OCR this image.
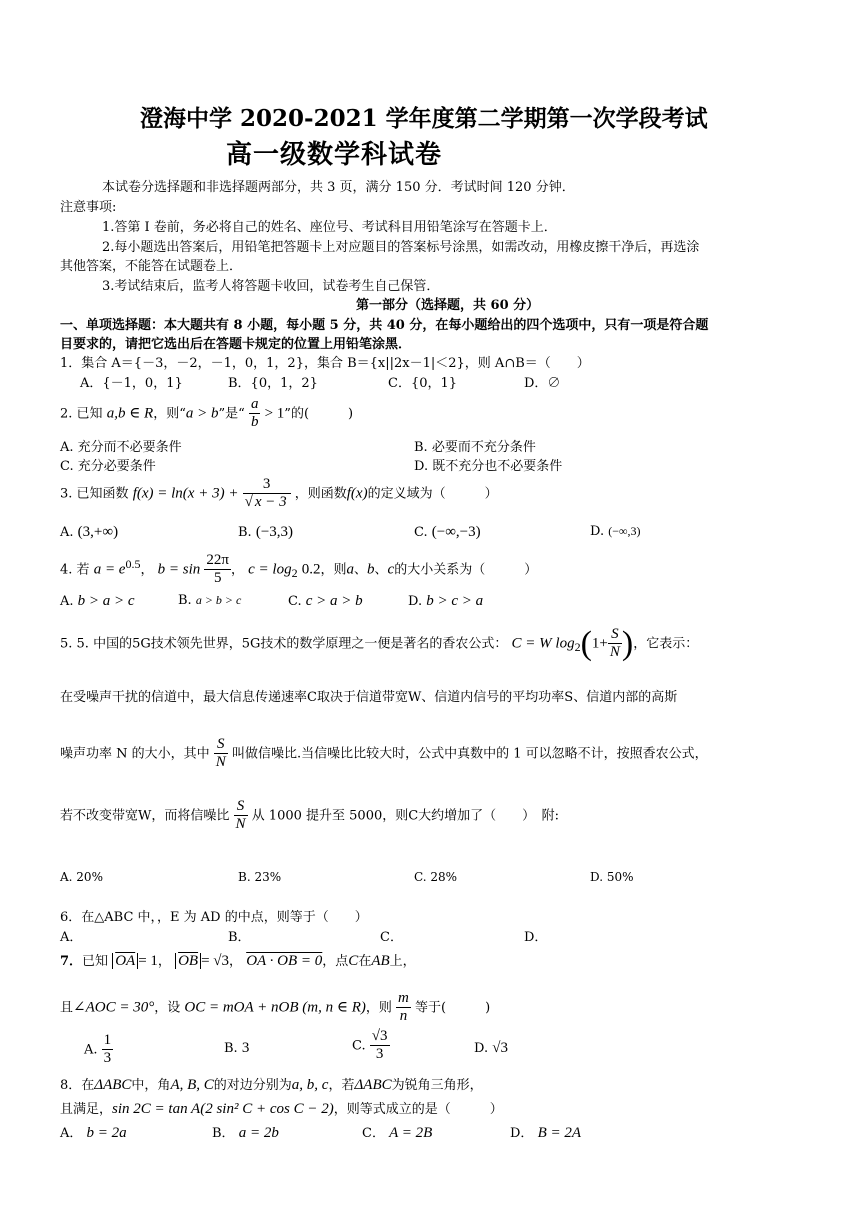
澄海中学 2020-2021 学年度第二学期第一次学段考试
高一级数学科试卷
本试卷分选择题和非选择题两部分，共 3 页，满分 150 分．考试时间 120 分钟．
注意事项:
1.答第 I 卷前，务必将自己的姓名、座位号、考试科目用铅笔涂写在答题卡上．
2.每小题选出答案后，用铅笔把答题卡上对应题目的答案标号涂黑，如需改动，用橡皮擦干净后，再选涂
其他答案，不能答在试题卷上．
3.考试结束后，监考人将答题卡收回，试卷考生自己保管．
第一部分（选择题，共 60 分）
一、单项选择题：本大题共有 8 小题，每小题 5 分，共 40 分，在每小题给出的四个选项中，只有一项是符合题
目要求的，请把它选出后在答题卡规定的位置上用铅笔涂黑．
1．集合 A＝{－3，－2，－1，0，1，2}，集合 B＝{x||2x－1|＜2}，则 A∩B＝（　　）
A．{－1，0，1}	B．{0，1，2}	C．{0，1}	D．∅
2. 已知 a,b ∈ R，则“a > b”是“ $\frac{a}{b} > 1$”的(　　　)
A. 充分而不必要条件	B. 必要而不充分条件
C. 充分必要条件	D. 既不充分也不必要条件
3. 已知函数 $f(x) = \ln(x + 3) + \frac{3}{√ x - 3}$ ，则函数f(x)的定义域为（　　　）
A. (3,+∞)	B. (−3,3)	C. (−∞,−3)	D. (−∞,3)
4. 若 $a = e^{0.5}$， $b = \sin \frac{22\pi}{5}$ ， $c = \log_2 0.2$，则a、b、c的大小关系为（　　　）
A. b > a > c	B. a > b > c	C. c > a > b	D. b > c > a
5. 5. 中国的5G技术领先世界，5G技术的数学原理之一便是著名的香农公式： C = W $\log_2(1+ \frac{S}{N}$ )，它表示：
在受噪声干扰的信道中，最大信息传递速率C取决于信道带宽W、信道内信号的平均功率S、信道内部的高斯
噪声功率 N 的大小，其中 $\frac{S}{N}$ 叫做信噪比.当信噪比比较大时，公式中真数中的 1 可以忽略不计，按照香农公式，
若不改变带宽W，而将信噪比 $\frac{S}{N}$ 从 1000 提升至 5000，则C大约增加了（　　）　附:
A. 20%	B. 23%	C. 28%	D. 50%
6．在△ABC 中，，E 为 AD 的中点，则等于（　　）
A．	B．	C．	D．
7．已知 $\overline{OA} = 1$， $\overline{OB} = √3$， OA · OB = 0，点C在AB上，
且∠AOC = 30°，设 OC = mOA + nOB (m, n ∈ R)，则 $\frac{m}{n}$ 等于(　　　)
A. $\frac{1}{3}$	B. 3	C. $\frac{√3}{3}$	D. √3
8．在ΔABC中，角A, B, C的对边分别为a, b, c，若ΔABC为锐角三角形，
且满足，sin 2C = tan A(2 sin² C + cos C − 2)，则等式成立的是（　　　）
A． b = 2a	B． a = 2b	C． A = 2B	D． B = 2A
